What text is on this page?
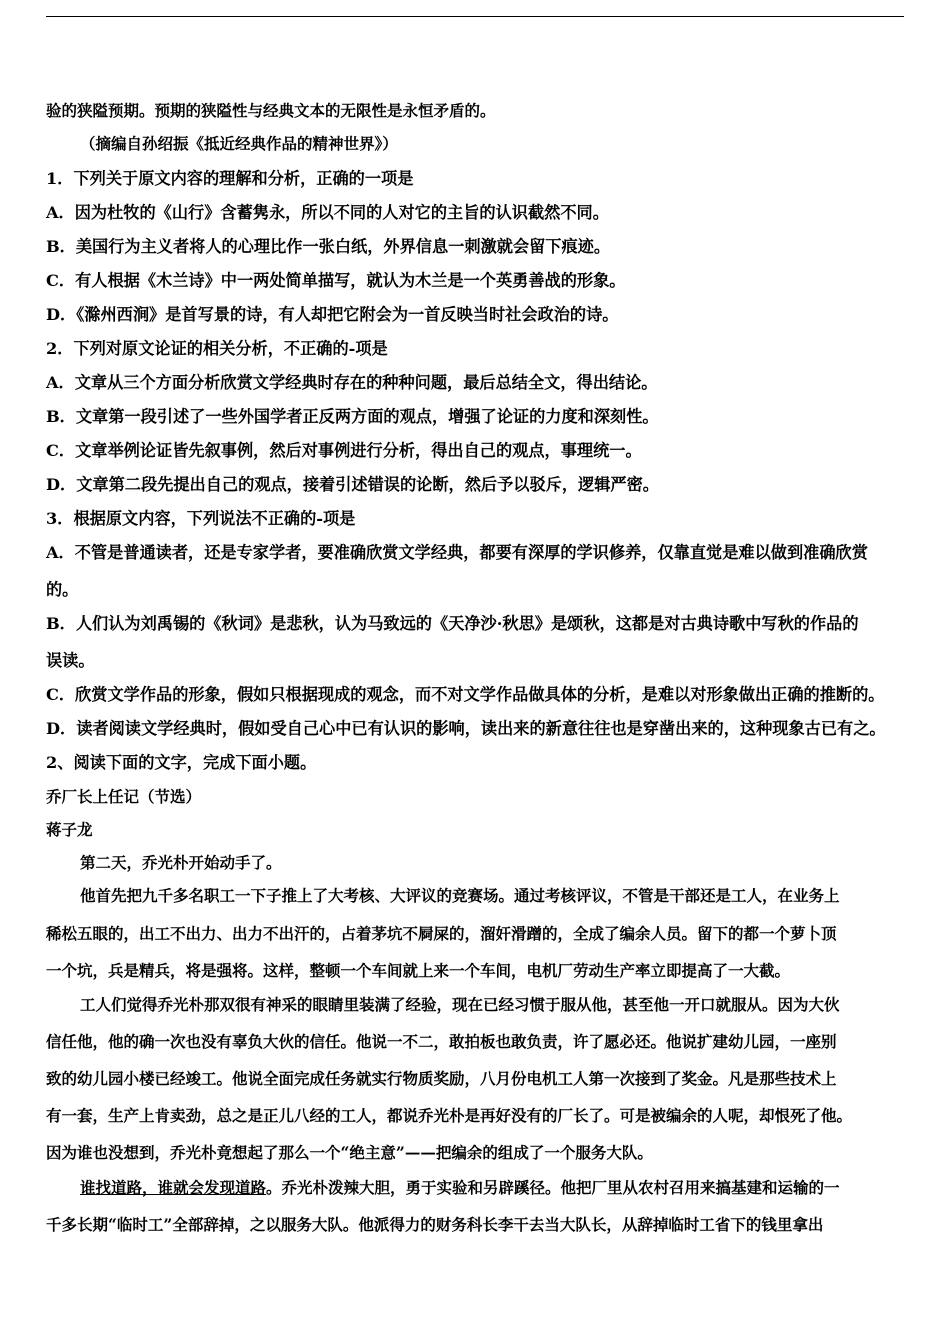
验的狭隘预期。预期的狭隘性与经典文本的无限性是永恒矛盾的。
（摘编自孙绍振《抵近经典作品的精神世界》）
1．下列关于原文内容的理解和分析，正确的一项是
A．因为杜牧的《山行》含蓄隽永，所以不同的人对它的主旨的认识截然不同。
B．美国行为主义者将人的心理比作一张白纸，外界信息一刺激就会留下痕迹。
C．有人根据《木兰诗》中一两处简单描写，就认为木兰是一个英勇善战的形象。
D．《滁州西涧》是首写景的诗，有人却把它附会为一首反映当时社会政治的诗。
2．下列对原文论证的相关分析，不正确的-项是
A．文章从三个方面分析欣赏文学经典时存在的种种问题，最后总结全文，得出结论。
B．文章第一段引述了一些外国学者正反两方面的观点，增强了论证的力度和深刻性。
C．文章举例论证皆先叙事例，然后对事例进行分析，得出自己的观点，事理统一。
D．文章第二段先提出自己的观点，接着引述错误的论断，然后予以驳斥，逻辑严密。
3．根据原文内容，下列说法不正确的-项是
A．不管是普通读者，还是专家学者，要准确欣赏文学经典，都要有深厚的学识修养，仅靠直觉是难以做到准确欣赏
的。
B．人们认为刘禹锡的《秋词》是悲秋，认为马致远的《天净沙·秋思》是颂秋，这都是对古典诗歌中写秋的作品的
误读。
C．欣赏文学作品的形象，假如只根据现成的观念，而不对文学作品做具体的分析，是难以对形象做出正确的推断的。
D．读者阅读文学经典时，假如受自己心中已有认识的影响，读出来的新意往往也是穿凿出来的，这种现象古已有之。
2、阅读下面的文字，完成下面小题。
乔厂长上任记（节选）
蒋子龙
第二天，乔光朴开始动手了。
他首先把九千多名职工一下子推上了大考核、大评议的竞赛场。通过考核评议，不管是干部还是工人，在业务上
稀松五眼的，出工不出力、出力不出汗的，占着茅坑不屙屎的，溜奸滑蹭的，全成了编余人员。留下的都一个萝卜顶
一个坑，兵是精兵，将是强将。这样，整顿一个车间就上来一个车间，电机厂劳动生产率立即提高了一大截。
工人们觉得乔光朴那双很有神采的眼睛里装满了经验，现在已经习惯于服从他，甚至他一开口就服从。因为大伙
信任他，他的确一次也没有辜负大伙的信任。他说一不二，敢拍板也敢负责，许了愿必还。他说扩建幼儿园，一座别
致的幼儿园小楼已经竣工。他说全面完成任务就实行物质奖励，八月份电机工人第一次接到了奖金。凡是那些技术上
有一套，生产上肯卖劲，总之是正儿八经的工人，都说乔光朴是再好没有的厂长了。可是被编余的人呢，却恨死了他。
因为谁也没想到，乔光朴竟想起了那么一个“绝主意”——把编余的组成了一个服务大队。
谁找道路，谁就会发现道路。乔光朴泼辣大胆，勇于实验和另辟蹊径。他把厂里从农村召用来搞基建和运输的一
千多长期“临时工”全部辞掉，之以服务大队。他派得力的财务科长李干去当大队长，从辞掉临时工省下的钱里拿出
